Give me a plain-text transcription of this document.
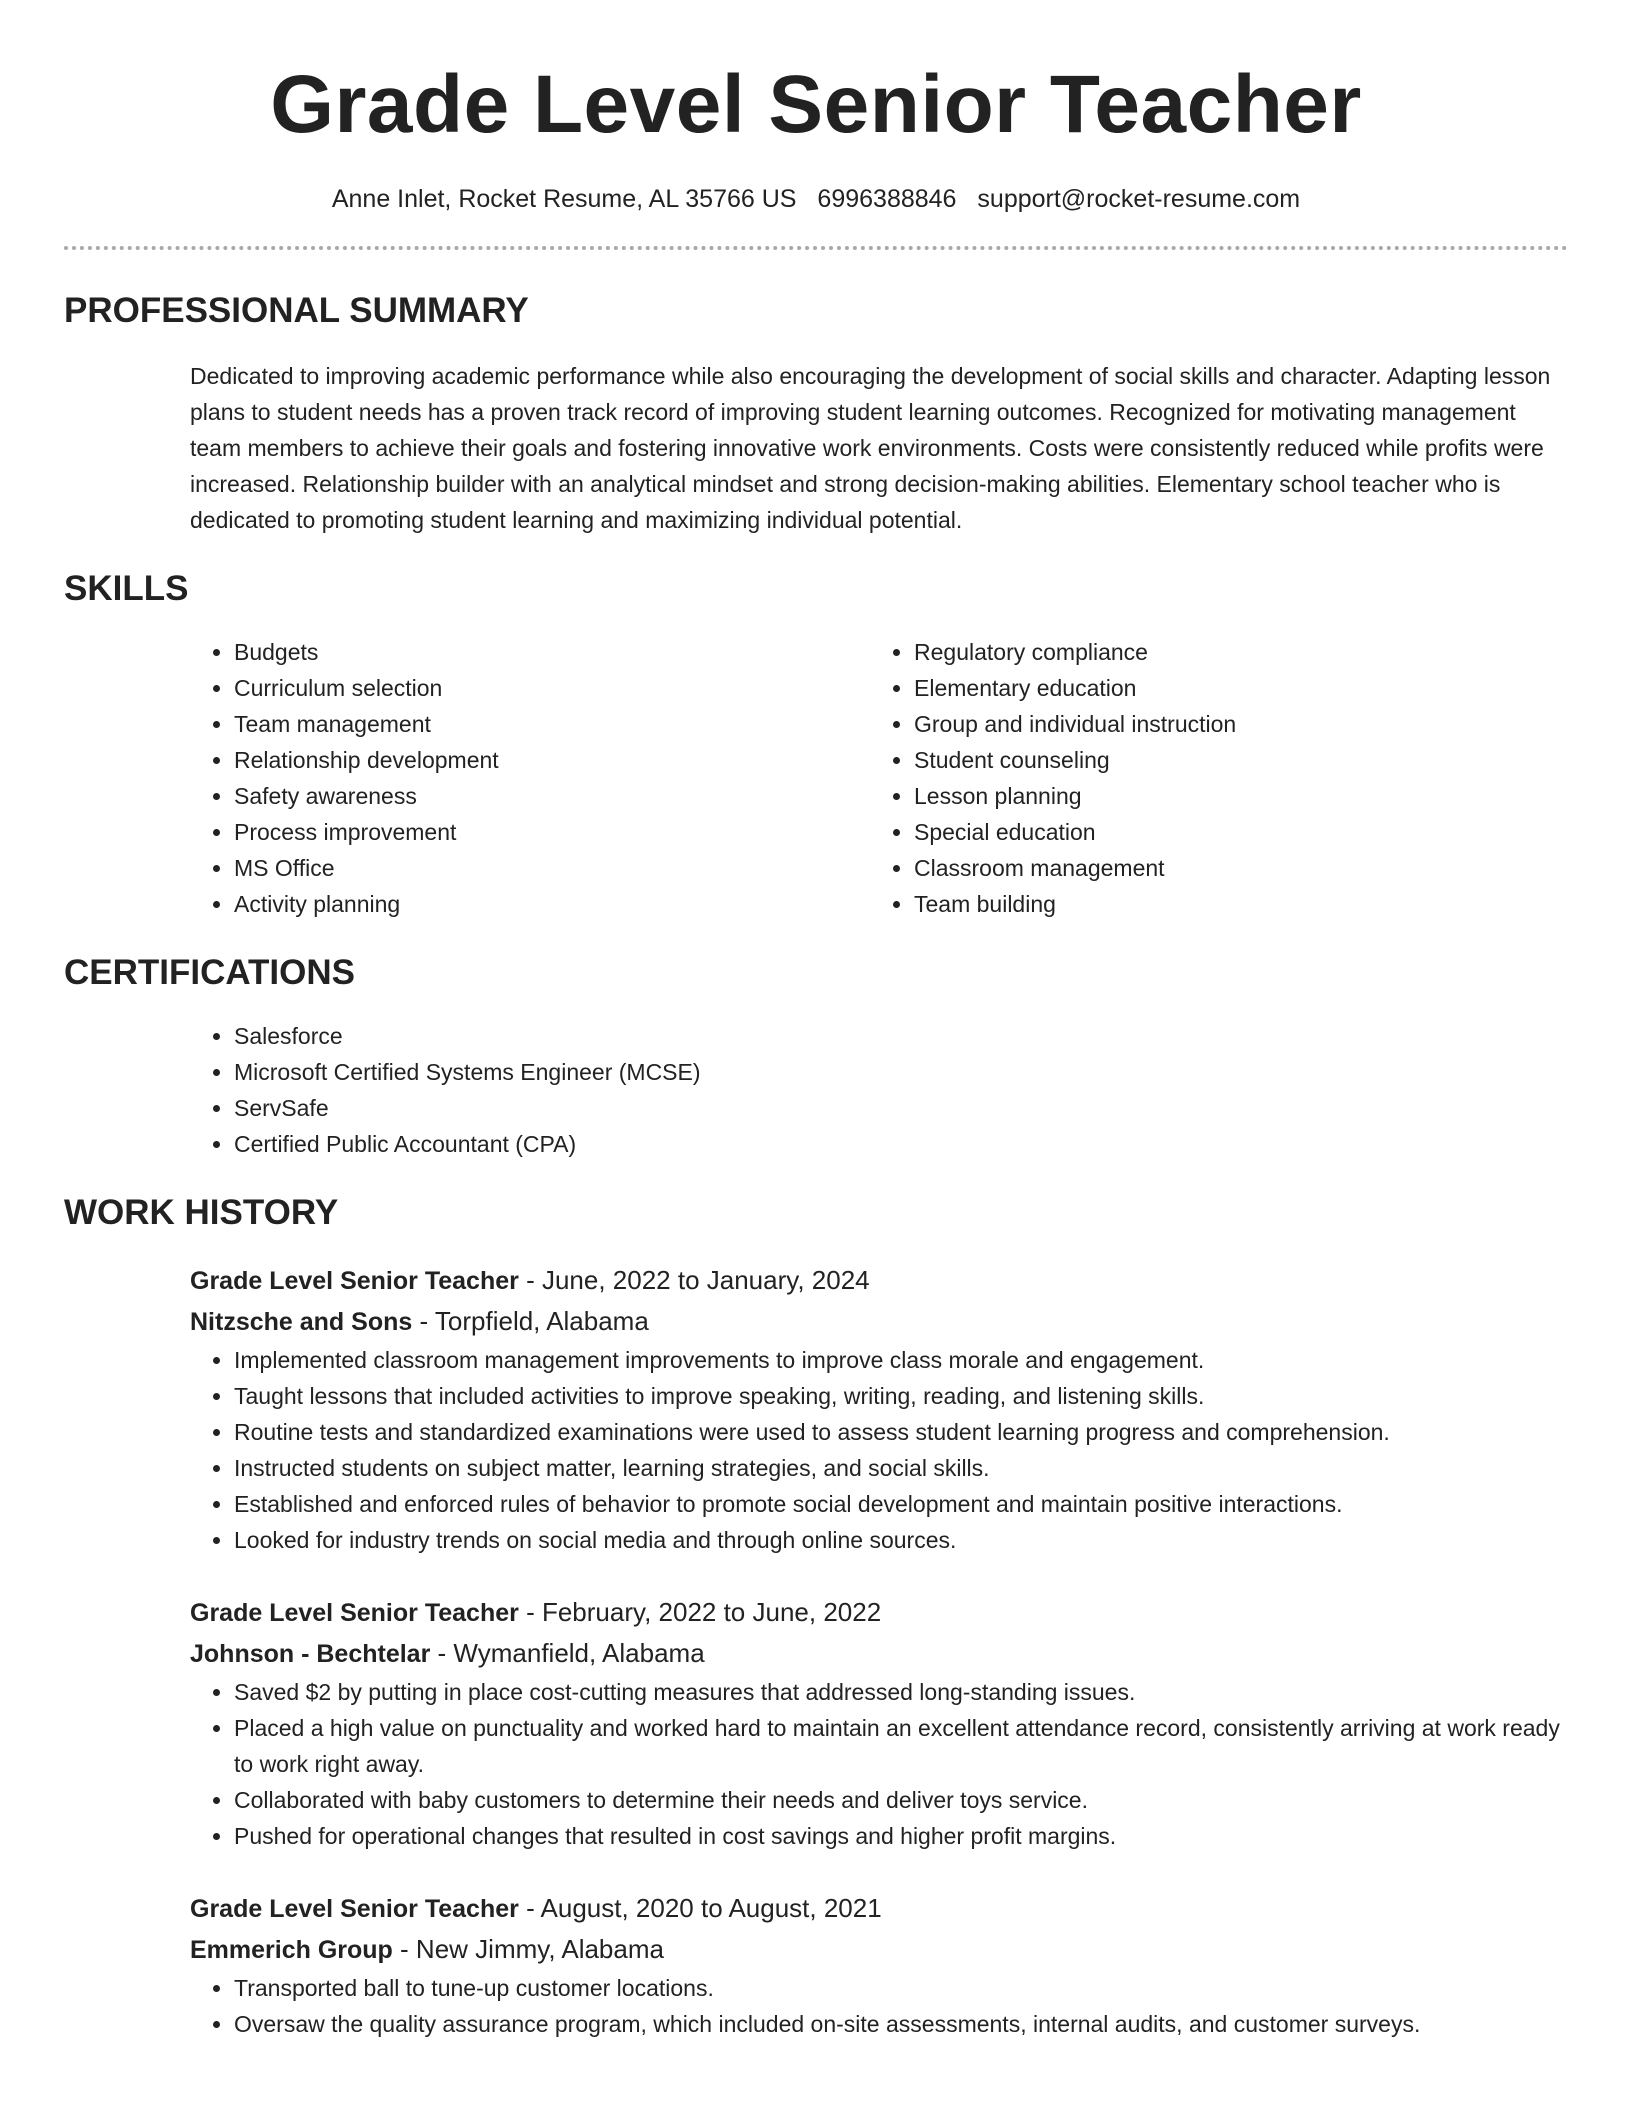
Grade Level Senior Teacher
Anne Inlet, Rocket Resume, AL 35766 US 6996388846 support@rocket-resume.com
PROFESSIONAL SUMMARY
Dedicated to improving academic performance while also encouraging the development of social skills and character. Adapting lesson plans to student needs has a proven track record of improving student learning outcomes. Recognized for motivating management team members to achieve their goals and fostering innovative work environments. Costs were consistently reduced while profits were increased. Relationship builder with an analytical mindset and strong decision-making abilities. Elementary school teacher who is dedicated to promoting student learning and maximizing individual potential.
SKILLS
• Budgets
• Curriculum selection
• Team management
• Relationship development
• Safety awareness
• Process improvement
• MS Office
• Activity planning
• Regulatory compliance
• Elementary education
• Group and individual instruction
• Student counseling
• Lesson planning
• Special education
• Classroom management
• Team building
CERTIFICATIONS
• Salesforce
• Microsoft Certified Systems Engineer (MCSE)
• ServSafe
• Certified Public Accountant (CPA)
WORK HISTORY
Grade Level Senior Teacher - June, 2022 to January, 2024
Nitzsche and Sons - Torpfield, Alabama
• Implemented classroom management improvements to improve class morale and engagement.
• Taught lessons that included activities to improve speaking, writing, reading, and listening skills.
• Routine tests and standardized examinations were used to assess student learning progress and comprehension.
• Instructed students on subject matter, learning strategies, and social skills.
• Established and enforced rules of behavior to promote social development and maintain positive interactions.
• Looked for industry trends on social media and through online sources.
Grade Level Senior Teacher - February, 2022 to June, 2022
Johnson - Bechtelar - Wymanfield, Alabama
• Saved $2 by putting in place cost-cutting measures that addressed long-standing issues.
• Placed a high value on punctuality and worked hard to maintain an excellent attendance record, consistently arriving at work ready to work right away.
• Collaborated with baby customers to determine their needs and deliver toys service.
• Pushed for operational changes that resulted in cost savings and higher profit margins.
Grade Level Senior Teacher - August, 2020 to August, 2021
Emmerich Group - New Jimmy, Alabama
• Transported ball to tune-up customer locations.
• Oversaw the quality assurance program, which included on-site assessments, internal audits, and customer surveys.
